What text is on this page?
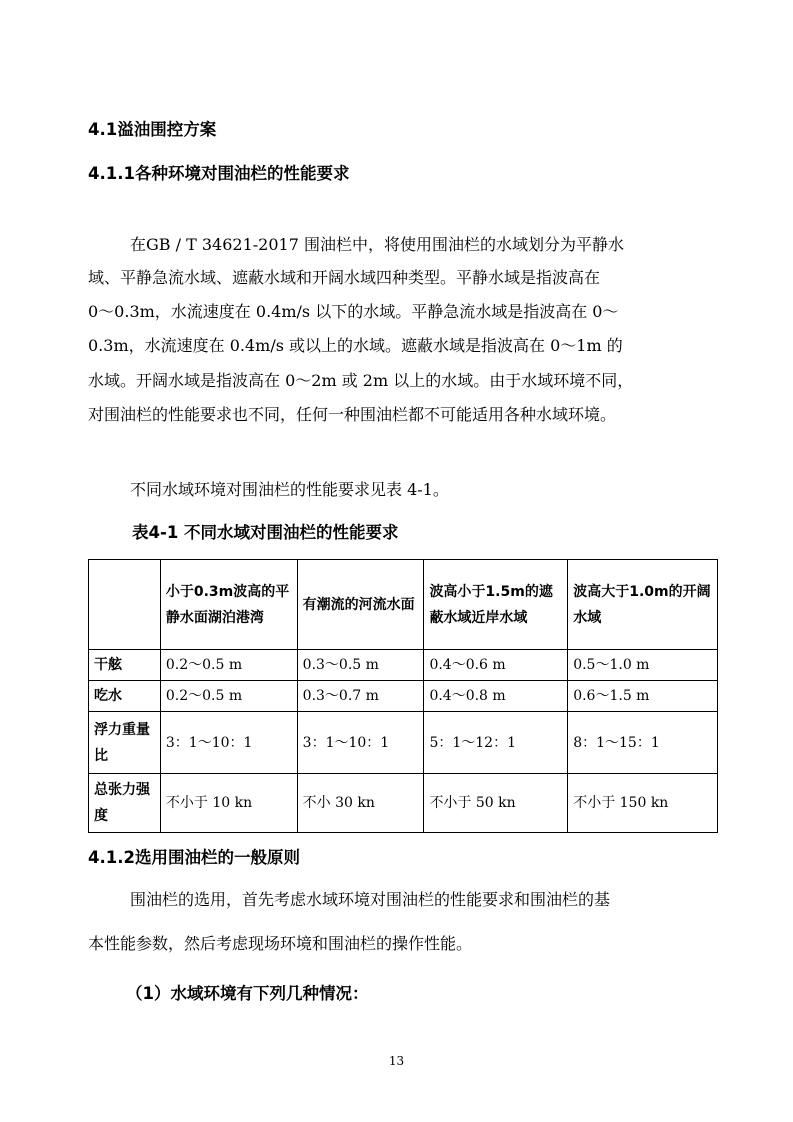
4.1溢油围控方案
4.1.1各种环境对围油栏的性能要求
在GB / T 34621-2017 围油栏中，将使用围油栏的水域划分为平静水
域、平静急流水域、遮蔽水域和开阔水域四种类型。平静水域是指波高在
0～0.3m，水流速度在 0.4m/s 以下的水域。平静急流水域是指波高在 0～
0.3m，水流速度在 0.4m/s 或以上的水域。遮蔽水域是指波高在 0～1m 的
水域。开阔水域是指波高在 0～2m 或 2m 以上的水域。由于水域环境不同，
对围油栏的性能要求也不同，任何一种围油栏都不可能适用各种水域环境。
不同水域环境对围油栏的性能要求见表 4-1。
表4-1 不同水域对围油栏的性能要求
	小于0.3m波高的平静水面湖泊港湾	有潮流的河流水面	波高小于1.5m的遮蔽水域近岸水域	波高大于1.0m的开阔水域
干舷	0.2～0.5 m	0.3～0.5 m	0.4～0.6 m	0.5～1.0 m
吃水	0.2～0.5 m	0.3～0.7 m	0.4～0.8 m	0.6～1.5 m
浮力重量比	3：1～10：1	3：1～10：1	5：1～12：1	8：1～15：1
总张力强度	不小于 10 kn	不小 30 kn	不小于 50 kn	不小于 150 kn
4.1.2选用围油栏的一般原则
围油栏的选用，首先考虑水域环境对围油栏的性能要求和围油栏的基
本性能参数，然后考虑现场环境和围油栏的操作性能。
（1）水域环境有下列几种情况：
13
